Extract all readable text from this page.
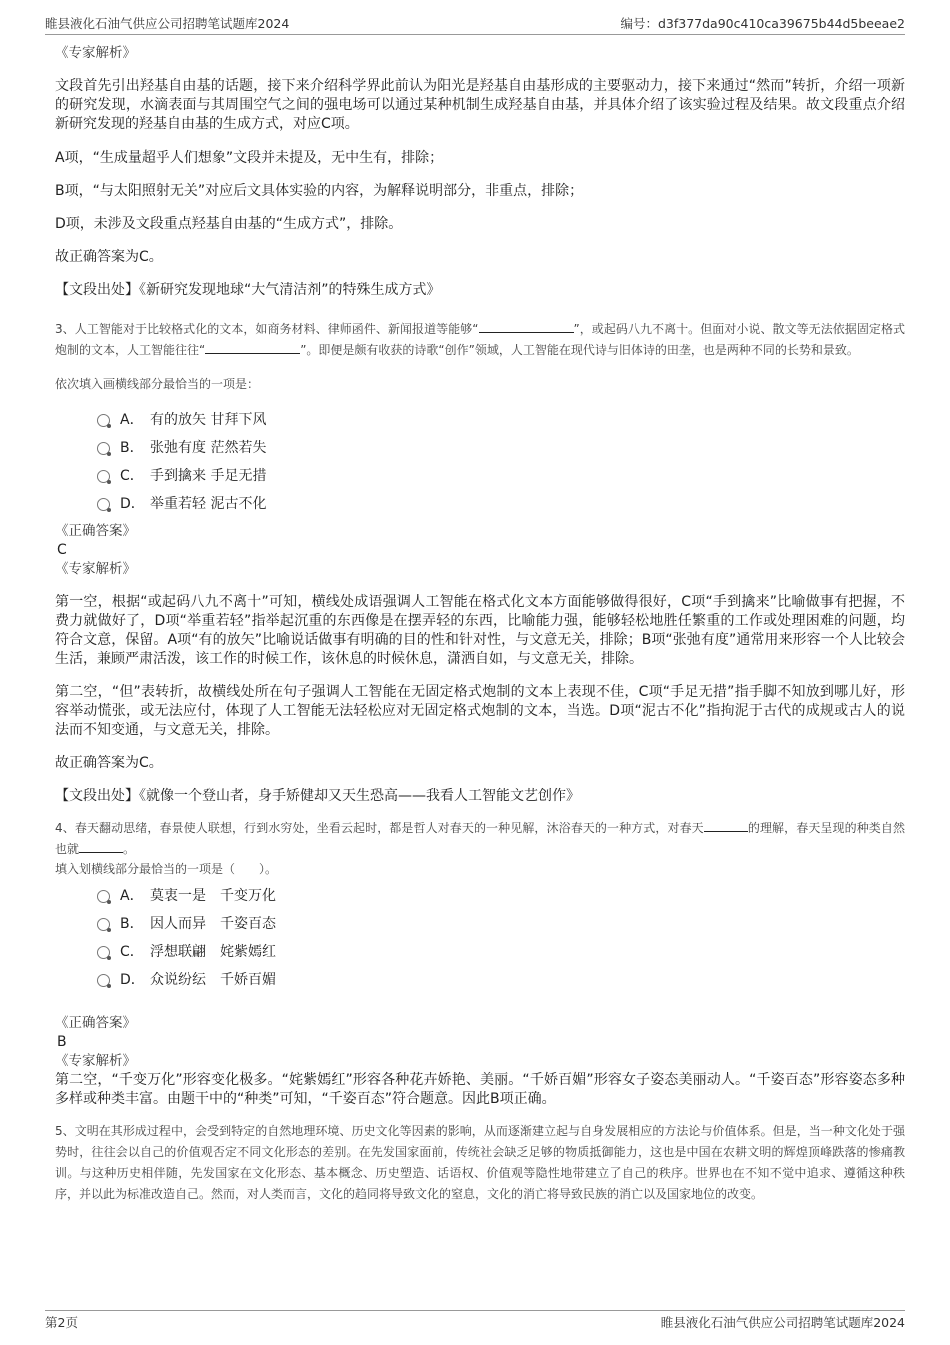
睢县液化石油气供应公司招聘笔试题库2024	编号：d3f377da90c410ca39675b44d5beeae2

《专家解析》

文段首先引出羟基自由基的话题，接下来介绍科学界此前认为阳光是羟基自由基形成的主要驱动力，接下来通过“然而”转折，介绍一项新的研究发现，水滴表面与其周围空气之间的强电场可以通过某种机制生成羟基自由基，并具体介绍了该实验过程及结果。故文段重点介绍新研究发现的羟基自由基的生成方式，对应C项。

A项，“生成量超乎人们想象”文段并未提及，无中生有，排除；

B项，“与太阳照射无关”对应后文具体实验的内容，为解释说明部分，非重点，排除；

D项，未涉及文段重点羟基自由基的“生成方式”，排除。

故正确答案为C。

【文段出处】《新研究发现地球“大气清洁剂”的特殊生成方式》

3、人工智能对于比较格式化的文本，如商务材料、律师函件、新闻报道等能够“	”，或起码八九不离十。但面对小说、散文等无法依据固定格式炮制的文本，人工智能往往“	”。即便是颇有收获的诗歌“创作”领域，人工智能在现代诗与旧体诗的田垄，也是两种不同的长势和景致。

依次填入画横线部分最恰当的一项是：

A． 有的放矢 甘拜下风
B． 张弛有度 茫然若失
C． 手到擒来 手足无措
D． 举重若轻 泥古不化

《正确答案》

C

《专家解析》

第一空，根据“或起码八九不离十”可知，横线处成语强调人工智能在格式化文本方面能够做得很好，C项“手到擒来”比喻做事有把握，不费力就做好了，D项“举重若轻”指举起沉重的东西像是在摆弄轻的东西，比喻能力强，能够轻松地胜任繁重的工作或处理困难的问题，均符合文意，保留。A项“有的放矢”比喻说话做事有明确的目的性和针对性，与文意无关，排除；B项“张弛有度”通常用来形容一个人比较会生活，兼顾严肃活泼，该工作的时候工作，该休息的时候休息，潇洒自如，与文意无关，排除。

第二空，“但”表转折，故横线处所在句子强调人工智能在无固定格式炮制的文本上表现不佳，C项“手足无措”指手脚不知放到哪儿好，形容举动慌张，或无法应付，体现了人工智能无法轻松应对无固定格式炮制的文本，当选。D项“泥古不化”指拘泥于古代的成规或古人的说法而不知变通，与文意无关，排除。

故正确答案为C。

【文段出处】《就像一个登山者，身手矫健却又天生恐高——我看人工智能文艺创作》

4、春天翻动思绪，春景使人联想，行到水穷处，坐看云起时，都是哲人对春天的一种见解，沐浴春天的一种方式，对春天	的理解，春天呈现的种类自然也就	。

填入划横线部分最恰当的一项是（　　）。

A． 莫衷一是　千变万化
B． 因人而异　千姿百态
C． 浮想联翩　姹紫嫣红
D． 众说纷纭　千娇百媚

《正确答案》

B

《专家解析》

第二空，“千变万化”形容变化极多。“姹紫嫣红”形容各种花卉娇艳、美丽。“千娇百媚”形容女子姿态美丽动人。“千姿百态”形容姿态多种多样或种类丰富。由题干中的“种类”可知，“千姿百态”符合题意。因此B项正确。

5、文明在其形成过程中，会受到特定的自然地理环境、历史文化等因素的影响，从而逐渐建立起与自身发展相应的方法论与价值体系。但是，当一种文化处于强势时，往往会以自己的价值观否定不同文化形态的差别。在先发国家面前，传统社会缺乏足够的物质抵御能力，这也是中国在农耕文明的辉煌顶峰跌落的惨痛教训。与这种历史相伴随，先发国家在文化形态、基本概念、历史塑造、话语权、价值观等隐性地带建立了自己的秩序。世界也在不知不觉中追求、遵循这种秩序，并以此为标准改造自己。然而，对人类而言，文化的趋同将导致文化的窒息，文化的消亡将导致民族的消亡以及国家地位的改变。

第2页	睢县液化石油气供应公司招聘笔试题库2024
